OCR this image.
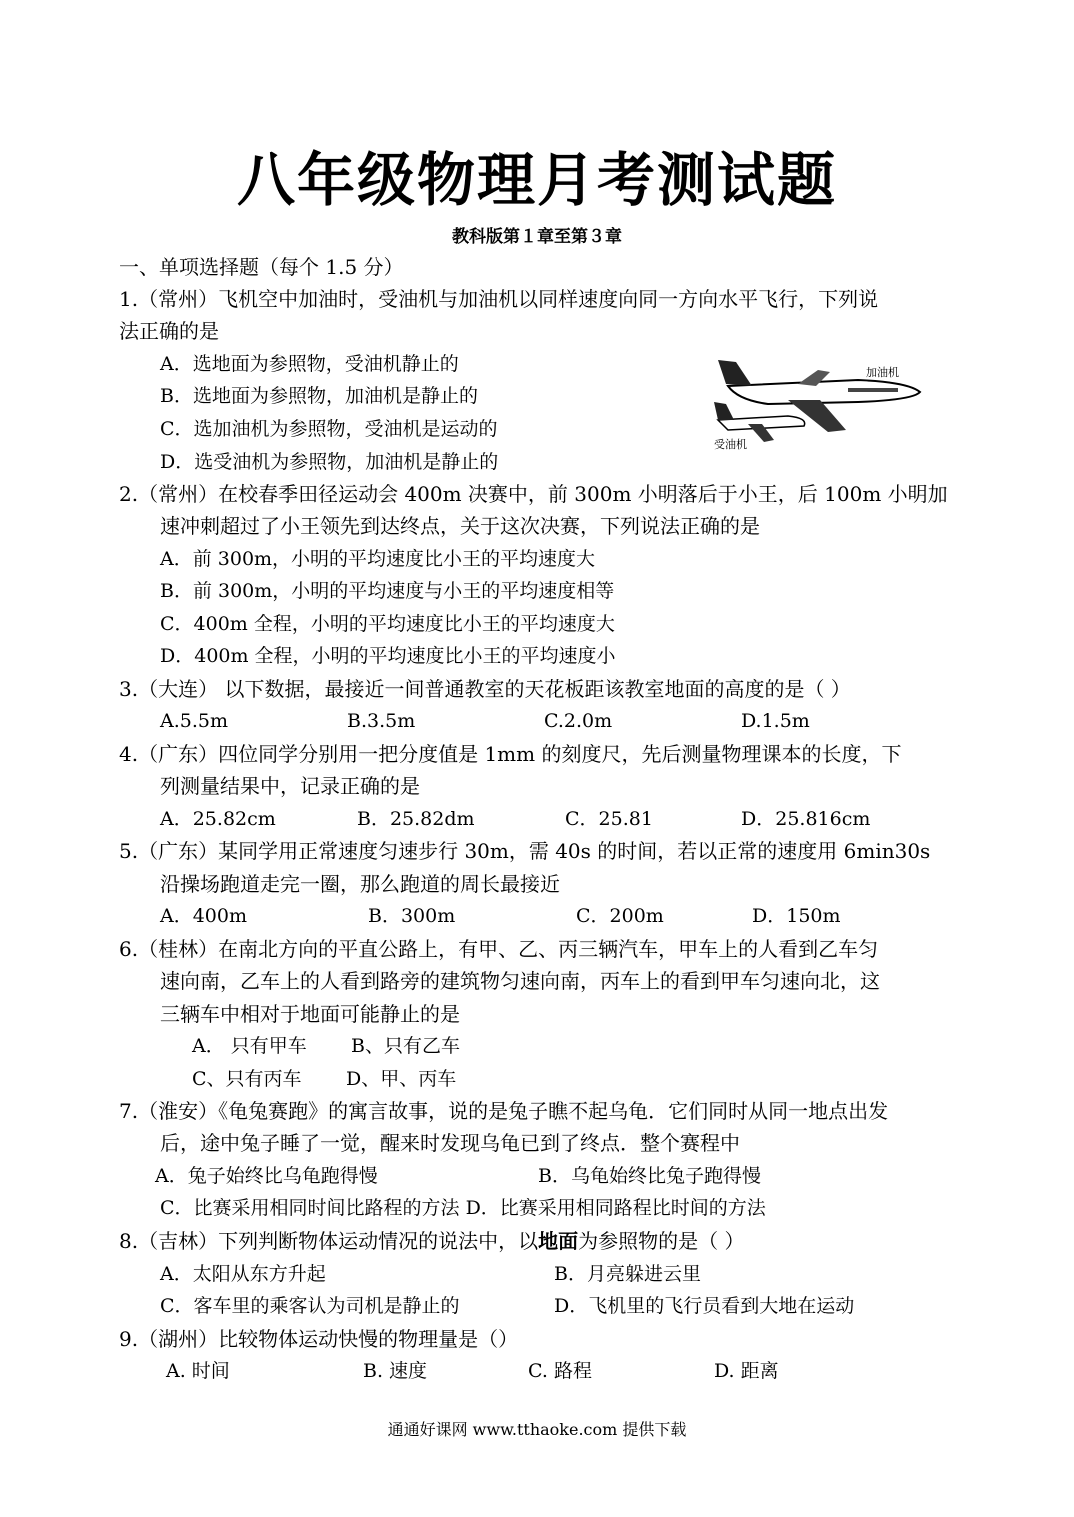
八年级物理月考测试题
教科版第１章至第３章
一、单项选择题（每个 1.5 分）
1.（常州）飞机空中加油时，受油机与加油机以同样速度向同一方向水平飞行，下列说
法正确的是
A．选地面为参照物，受油机静止的
B．选地面为参照物，加油机是静止的
C．选加油机为参照物，受油机是运动的
D．选受油机为参照物，加油机是静止的
加油机
受油机
2.（常州）在校春季田径运动会 400m 决赛中，前 300m 小明落后于小王，后 100m 小明加
速冲刺超过了小王领先到达终点，关于这次决赛，下列说法正确的是
A．前 300m，小明的平均速度比小王的平均速度大
B．前 300m，小明的平均速度与小王的平均速度相等
C．400m 全程，小明的平均速度比小王的平均速度大
D．400m 全程，小明的平均速度比小王的平均速度小
3.（大连） 以下数据，最接近一间普通教室的天花板距该教室地面的高度的是（ ）
A.5.5m	B.3.5m	C.2.0m	D.1.5m
4.（广东）四位同学分别用一把分度值是 1mm 的刻度尺，先后测量物理课本的长度，下
列测量结果中，记录正确的是
A．25.82cm	B．25.82dm	C．25.81	D．25.816cm
5.（广东）某同学用正常速度匀速步行 30m，需 40s 的时间，若以正常的速度用 6min30s
沿操场跑道走完一圈，那么跑道的周长最接近
A．400m	B．300m	C．200m	D．150m
6.（桂林）在南北方向的平直公路上，有甲、乙、丙三辆汽车，甲车上的人看到乙车匀
速向南，乙车上的人看到路旁的建筑物匀速向南，丙车上的看到甲车匀速向北，这
三辆车中相对于地面可能静止的是
A． 只有甲车 B、只有乙车
C、只有丙车 D、甲、丙车
7.（淮安）《龟兔赛跑》的寓言故事，说的是兔子瞧不起乌龟．它们同时从同一地点出发
后，途中兔子睡了一觉，醒来时发现乌龟已到了终点．整个赛程中
A．兔子始终比乌龟跑得慢	B．乌龟始终比兔子跑得慢
C．比赛采用相同时间比路程的方法 D．比赛采用相同路程比时间的方法
8.（吉林）下列判断物体运动情况的说法中，以地面为参照物的是（ ）
A．太阳从东方升起	B．月亮躲进云里
C．客车里的乘客认为司机是静止的	D．飞机里的飞行员看到大地在运动
9.（湖州）比较物体运动快慢的物理量是（）
A. 时间	B. 速度	C. 路程	D. 距离
通通好课网 www.tthaoke.com 提供下载
